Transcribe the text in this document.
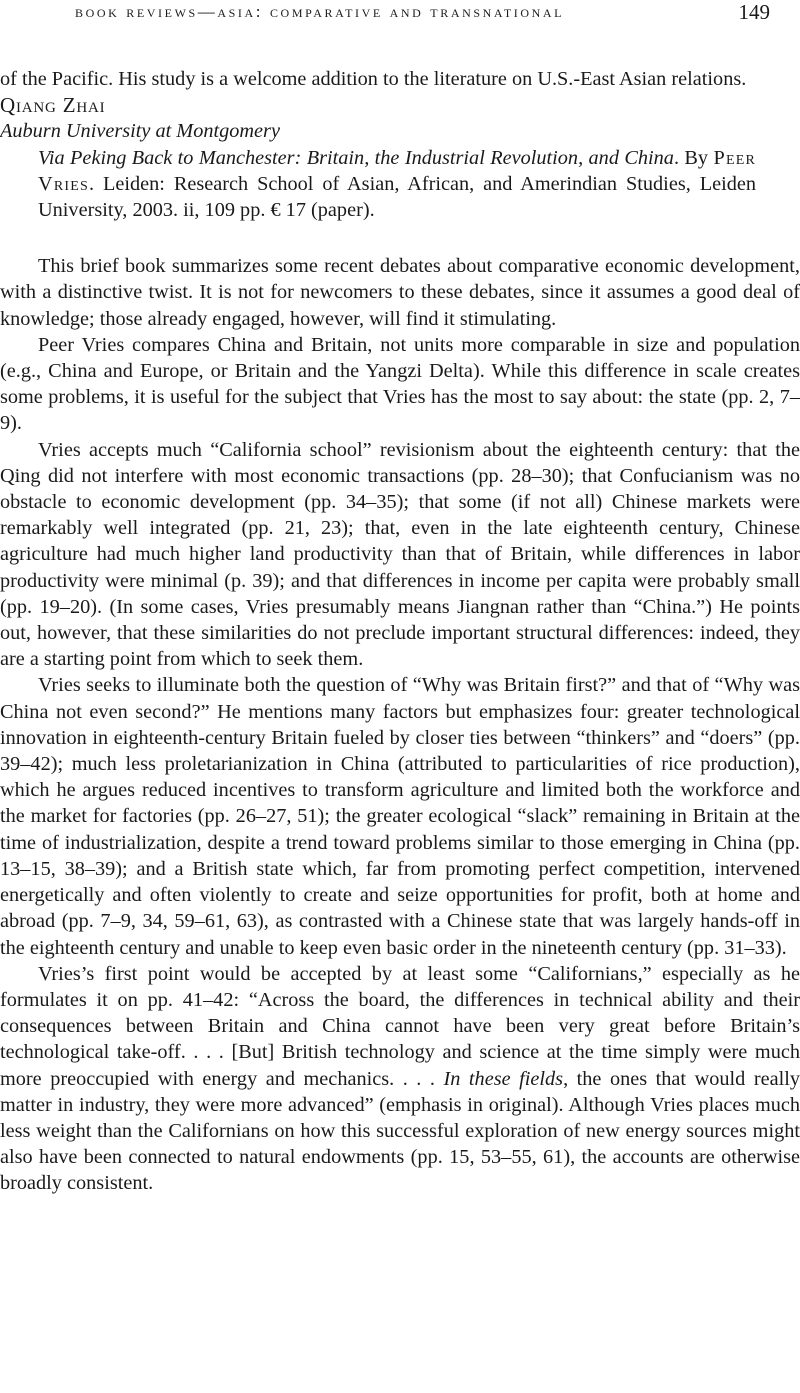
book reviews—asia: comparative and transnational	149

of the Pacific. His study is a welcome addition to the literature on U.S.-East Asian relations.

Qiang Zhai

Auburn University at Montgomery

Via Peking Back to Manchester: Britain, the Industrial Revolution, and China. By Peer Vries. Leiden: Research School of Asian, African, and Amerindian Studies, Leiden University, 2003. ii, 109 pp. € 17 (paper).

This brief book summarizes some recent debates about comparative economic development, with a distinctive twist. It is not for newcomers to these debates, since it assumes a good deal of knowledge; those already engaged, however, will find it stimulating.

Peer Vries compares China and Britain, not units more comparable in size and population (e.g., China and Europe, or Britain and the Yangzi Delta). While this difference in scale creates some problems, it is useful for the subject that Vries has the most to say about: the state (pp. 2, 7–9).

Vries accepts much “California school” revisionism about the eighteenth century: that the Qing did not interfere with most economic transactions (pp. 28–30); that Confucianism was no obstacle to economic development (pp. 34–35); that some (if not all) Chinese markets were remarkably well integrated (pp. 21, 23); that, even in the late eighteenth century, Chinese agriculture had much higher land productivity than that of Britain, while differences in labor productivity were minimal (p. 39); and that differences in income per capita were probably small (pp. 19–20). (In some cases, Vries presumably means Jiangnan rather than “China.”) He points out, however, that these similarities do not preclude important structural differences: indeed, they are a starting point from which to seek them.

Vries seeks to illuminate both the question of “Why was Britain first?” and that of “Why was China not even second?” He mentions many factors but emphasizes four: greater technological innovation in eighteenth-century Britain fueled by closer ties between “thinkers” and “doers” (pp. 39–42); much less proletarianization in China (attributed to particularities of rice production), which he argues reduced incentives to transform agriculture and limited both the workforce and the market for factories (pp. 26–27, 51); the greater ecological “slack” remaining in Britain at the time of industrialization, despite a trend toward problems similar to those emerging in China (pp. 13–15, 38–39); and a British state which, far from promoting perfect competition, intervened energetically and often violently to create and seize opportunities for profit, both at home and abroad (pp. 7–9, 34, 59–61, 63), as contrasted with a Chinese state that was largely hands-off in the eighteenth century and unable to keep even basic order in the nineteenth century (pp. 31–33).

Vries’s first point would be accepted by at least some “Californians,” especially as he formulates it on pp. 41–42: “Across the board, the differences in technical ability and their consequences between Britain and China cannot have been very great before Britain’s technological take-off. . . . [But] British technology and science at the time simply were much more preoccupied with energy and mechanics. . . . In these fields, the ones that would really matter in industry, they were more advanced” (emphasis in original). Although Vries places much less weight than the Californians on how this successful exploration of new energy sources might also have been connected to natural endowments (pp. 15, 53–55, 61), the accounts are otherwise broadly consistent.
